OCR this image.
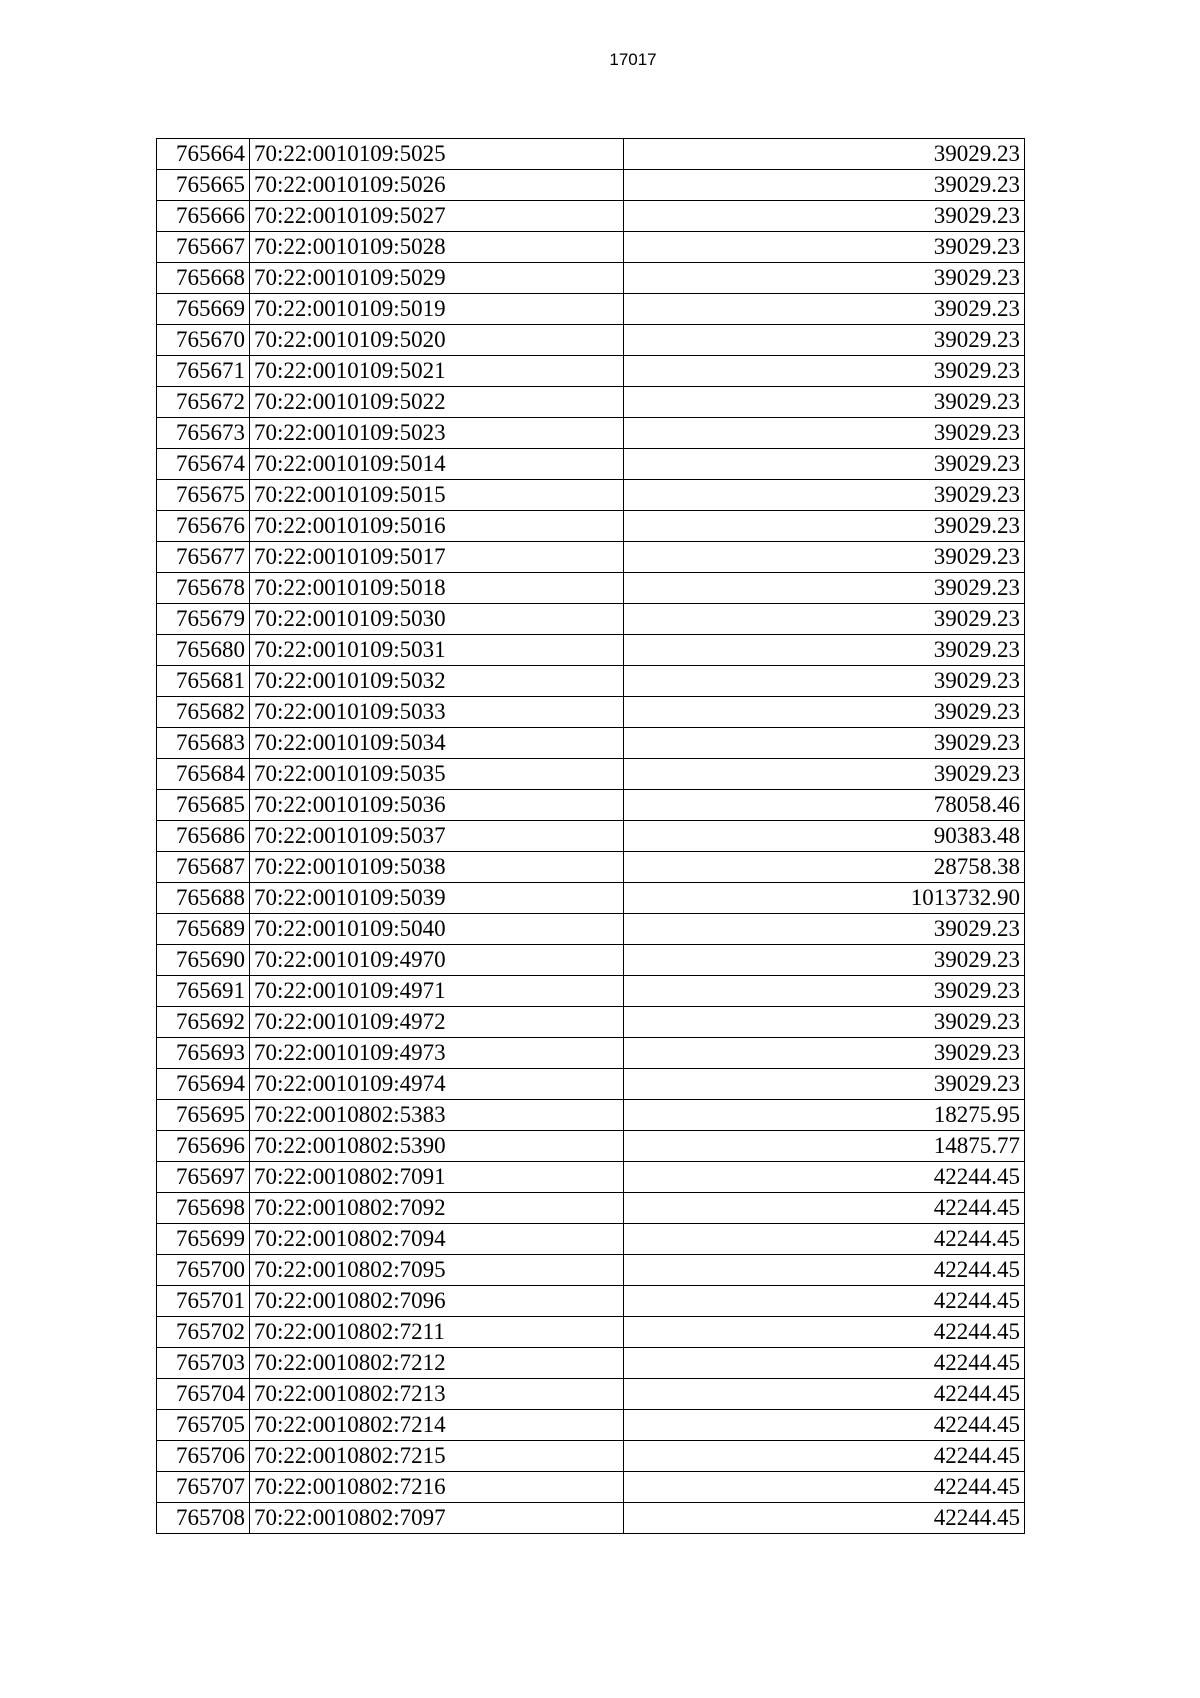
17017
765664	70:22:0010109:5025	39029.23
765665	70:22:0010109:5026	39029.23
765666	70:22:0010109:5027	39029.23
765667	70:22:0010109:5028	39029.23
765668	70:22:0010109:5029	39029.23
765669	70:22:0010109:5019	39029.23
765670	70:22:0010109:5020	39029.23
765671	70:22:0010109:5021	39029.23
765672	70:22:0010109:5022	39029.23
765673	70:22:0010109:5023	39029.23
765674	70:22:0010109:5014	39029.23
765675	70:22:0010109:5015	39029.23
765676	70:22:0010109:5016	39029.23
765677	70:22:0010109:5017	39029.23
765678	70:22:0010109:5018	39029.23
765679	70:22:0010109:5030	39029.23
765680	70:22:0010109:5031	39029.23
765681	70:22:0010109:5032	39029.23
765682	70:22:0010109:5033	39029.23
765683	70:22:0010109:5034	39029.23
765684	70:22:0010109:5035	39029.23
765685	70:22:0010109:5036	78058.46
765686	70:22:0010109:5037	90383.48
765687	70:22:0010109:5038	28758.38
765688	70:22:0010109:5039	1013732.90
765689	70:22:0010109:5040	39029.23
765690	70:22:0010109:4970	39029.23
765691	70:22:0010109:4971	39029.23
765692	70:22:0010109:4972	39029.23
765693	70:22:0010109:4973	39029.23
765694	70:22:0010109:4974	39029.23
765695	70:22:0010802:5383	18275.95
765696	70:22:0010802:5390	14875.77
765697	70:22:0010802:7091	42244.45
765698	70:22:0010802:7092	42244.45
765699	70:22:0010802:7094	42244.45
765700	70:22:0010802:7095	42244.45
765701	70:22:0010802:7096	42244.45
765702	70:22:0010802:7211	42244.45
765703	70:22:0010802:7212	42244.45
765704	70:22:0010802:7213	42244.45
765705	70:22:0010802:7214	42244.45
765706	70:22:0010802:7215	42244.45
765707	70:22:0010802:7216	42244.45
765708	70:22:0010802:7097	42244.45
